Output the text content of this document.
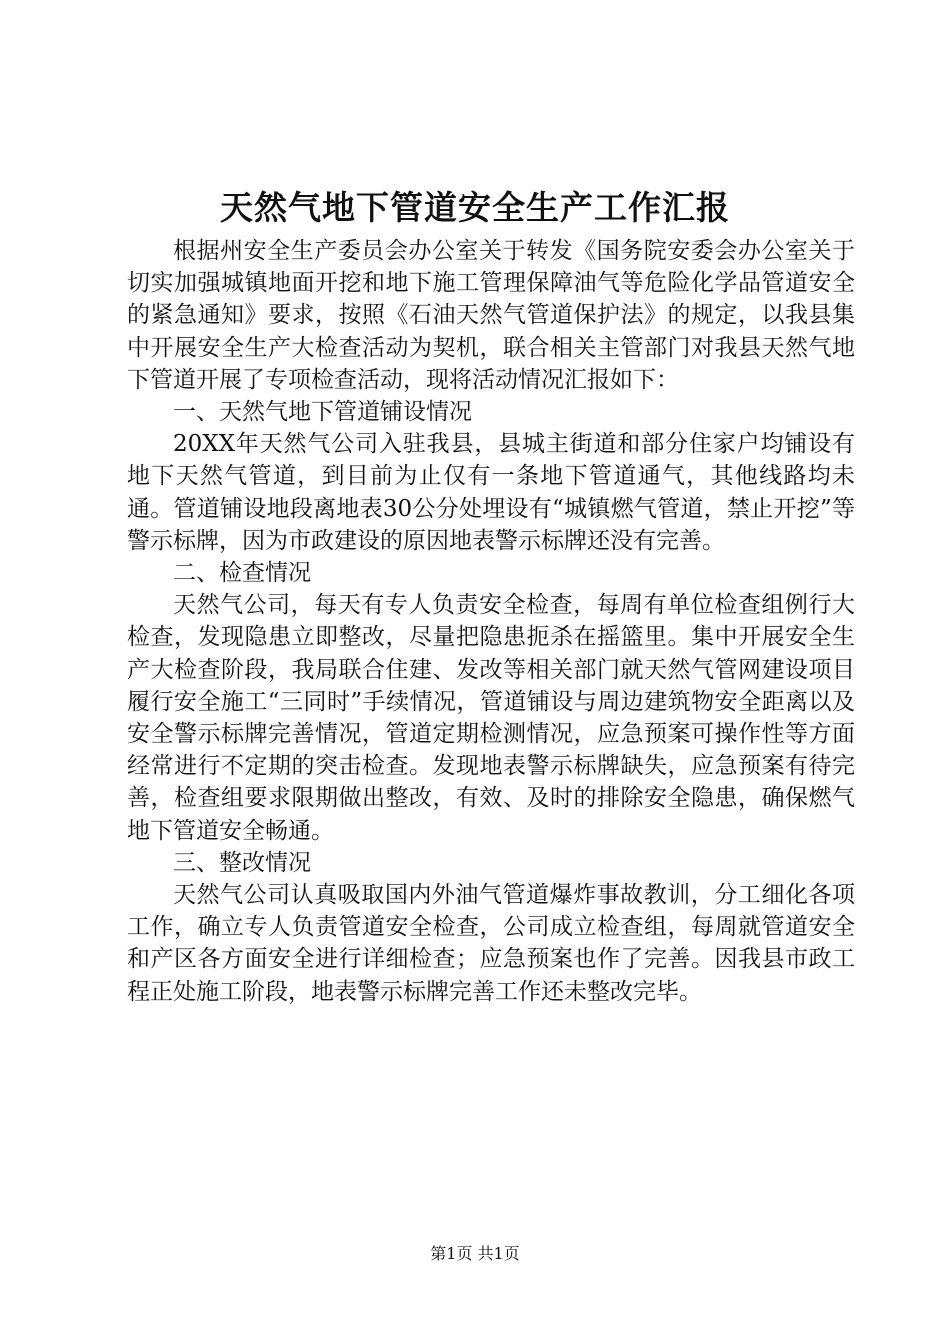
天然气地下管道安全生产工作汇报

根据州安全生产委员会办公室关于转发《国务院安委会办公室关于切实加强城镇地面开挖和地下施工管理保障油气等危险化学品管道安全的紧急通知》要求，按照《石油天然气管道保护法》的规定，以我县集中开展安全生产大检查活动为契机，联合相关主管部门对我县天然气地下管道开展了专项检查活动，现将活动情况汇报如下：

一、天然气地下管道铺设情况

20XX年天然气公司入驻我县，县城主街道和部分住家户均铺设有地下天然气管道，到目前为止仅有一条地下管道通气，其他线路均未通。管道铺设地段离地表30公分处埋设有“城镇燃气管道，禁止开挖”等警示标牌，因为市政建设的原因地表警示标牌还没有完善。

二、检查情况

天然气公司，每天有专人负责安全检查，每周有单位检查组例行大检查，发现隐患立即整改，尽量把隐患扼杀在摇篮里。集中开展安全生产大检查阶段，我局联合住建、发改等相关部门就天然气管网建设项目履行安全施工“三同时”手续情况，管道铺设与周边建筑物安全距离以及安全警示标牌完善情况，管道定期检测情况，应急预案可操作性等方面经常进行不定期的突击检查。发现地表警示标牌缺失，应急预案有待完善，检查组要求限期做出整改，有效、及时的排除安全隐患，确保燃气地下管道安全畅通。

三、整改情况

天然气公司认真吸取国内外油气管道爆炸事故教训，分工细化各项工作，确立专人负责管道安全检查，公司成立检查组，每周就管道安全和产区各方面安全进行详细检查；应急预案也作了完善。因我县市政工程正处施工阶段，地表警示标牌完善工作还未整改完毕。

第1页 共1页
